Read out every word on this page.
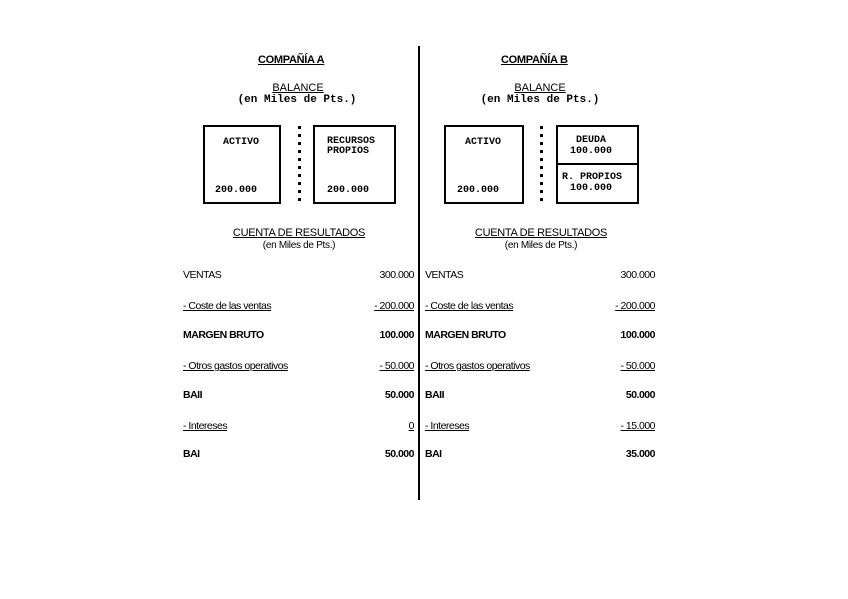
COMPAÑÍA A
BALANCE
(en Miles de Pts.)
ACTIVO
200.000
RECURSOS
PROPIOS
200.000
CUENTA DE RESULTADOS
(en Miles de Pts.)
VENTAS	300.000
- Coste de las ventas	- 200.000
MARGEN BRUTO	100.000
- Otros gastos operativos	- 50.000
BAII	50.000
- Intereses	0
BAI	50.000
COMPAÑÍA B
BALANCE
(en Miles de Pts.)
ACTIVO
200.000
DEUDA
100.000
R. PROPIOS
100.000
CUENTA DE RESULTADOS
(en Miles de Pts.)
VENTAS	300.000
- Coste de las ventas	- 200.000
MARGEN BRUTO	100.000
- Otros gastos operativos	- 50.000
BAII	50.000
- Intereses	- 15.000
BAI	35.000
